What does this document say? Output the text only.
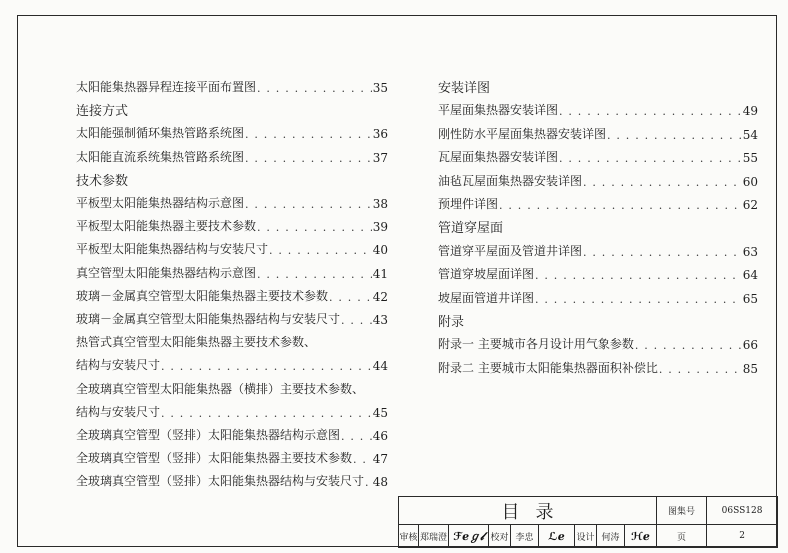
太阳能集热器异程连接平面布置图 . . .	35
连接方式
太阳能强制循环集热管路系统图 . . .	36
太阳能直流系统集热管路系统图 . . .	37
技术参数
平板型太阳能集热器结构示意图 . . .	38
平板型太阳能集热器主要技术参数 . . .	39
平板型太阳能集热器结构与安装尺寸 . . .	40
真空管型太阳能集热器结构示意图 . . .	41
玻璃－金属真空管型太阳能集热器主要技术参数 . . .	42
玻璃－金属真空管型太阳能集热器结构与安装尺寸 . . .	43
热管式真空管型太阳能集热器主要技术参数、
结构与安装尺寸 . . .	44
全玻璃真空管型太阳能集热器（横排）主要技术参数、
结构与安装尺寸 . . .	45
全玻璃真空管型（竖排）太阳能集热器结构示意图 . . .	46
全玻璃真空管型（竖排）太阳能集热器主要技术参数 . . . 47
全玻璃真空管型（竖排）太阳能集热器结构与安装尺寸 . . . 48
安装详图
平屋面集热器安装详图 . . .	49
刚性防水平屋面集热器安装详图 . . .	54
瓦屋面集热器安装详图 . . .	55
油毡瓦屋面集热器安装详图 . . .	60
预埋件详图 . . .	62
管道穿屋面
管道穿平屋面及管道井详图 . . .	63
管道穿坡屋面详图 . . .	64
坡屋面管道井详图 . . .	65
附录
附录一 主要城市各月设计用气象参数 . . .	66
附录二 主要城市太阳能集热器面积补偿比 . . .	85
目录									图集号	06SS128
审核	郑瑞澄	ℱℯℊ𝓁	校对	李忠	ℒℯ	设计	何涛	ℋℯ	页	2
